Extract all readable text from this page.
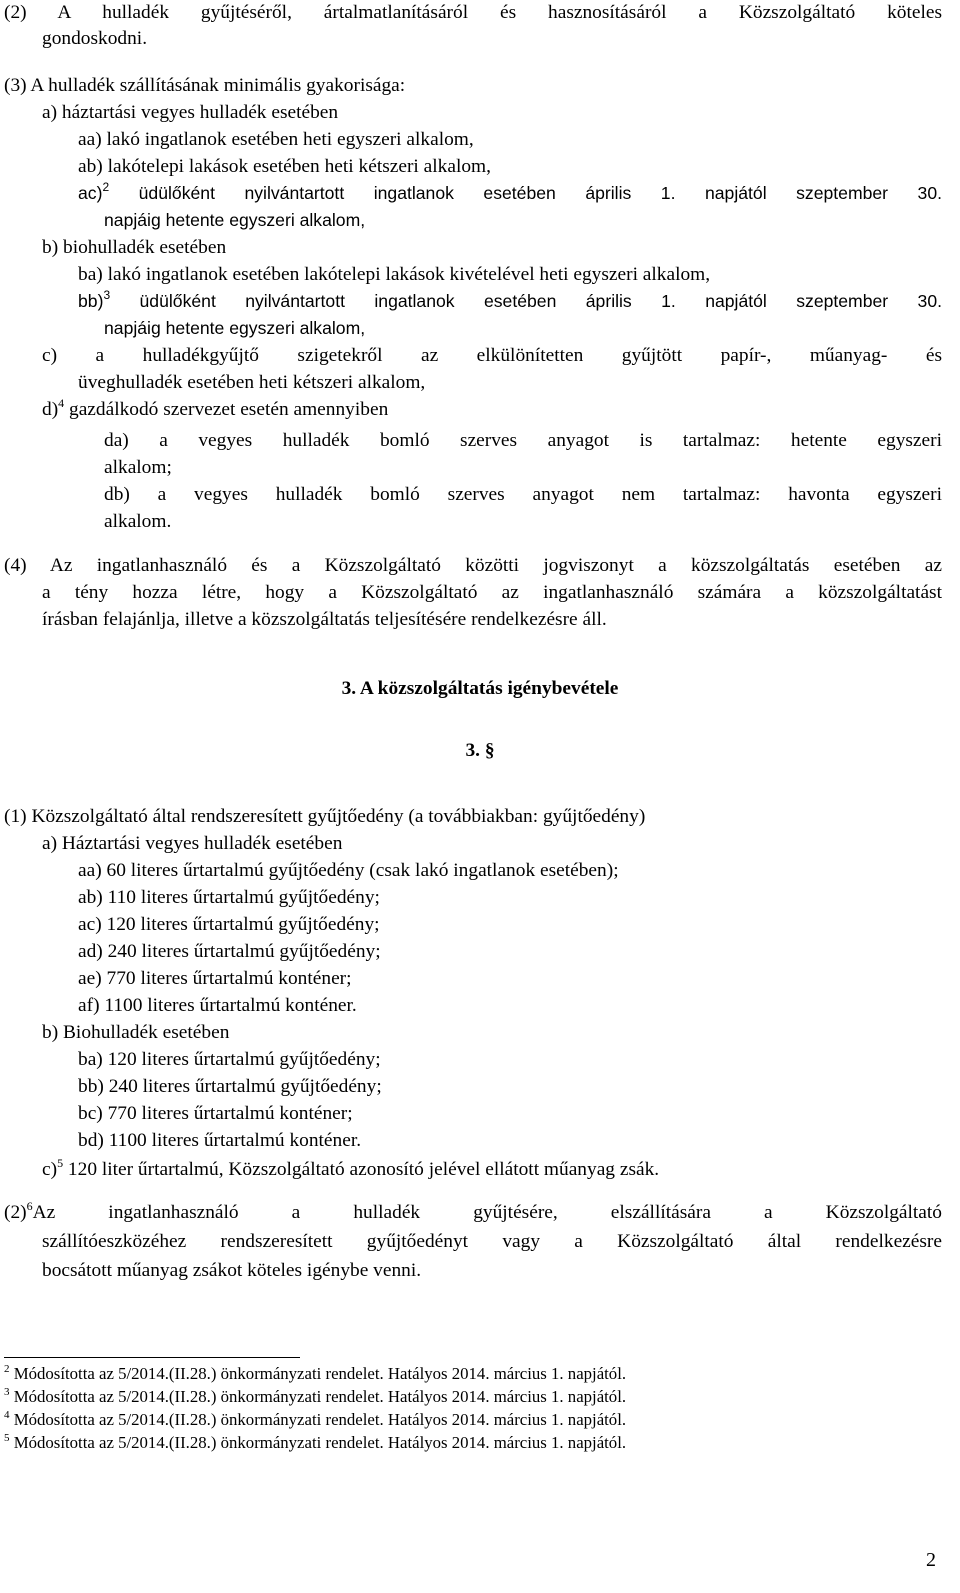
(2) A hulladék gyűjtéséről, ártalmatlanításáról és hasznosításáról a Közszolgáltató köteles
gondoskodni.
(3) A hulladék szállításának minimális gyakorisága:
a) háztartási vegyes hulladék esetében
aa) lakó ingatlanok esetében heti egyszeri alkalom,
ab) lakótelepi lakások esetében heti kétszeri alkalom,
ac)$^2$ üdülőként nyilvántartott ingatlanok esetében április 1. napjától szeptember 30.
napjáig hetente egyszeri alkalom,
b) biohulladék esetében
ba) lakó ingatlanok esetében lakótelepi lakások kivételével heti egyszeri alkalom,
bb)$^3$ üdülőként nyilvántartott ingatlanok esetében április 1. napjától szeptember 30.
napjáig hetente egyszeri alkalom,
c) a hulladékgyűjtő szigetekről az elkülönítetten gyűjtött papír-, műanyag- és
üveghulladék esetében heti kétszeri alkalom,
d)$^4$ gazdálkodó szervezet esetén amennyiben
da) a vegyes hulladék bomló szerves anyagot is tartalmaz: hetente egyszeri
alkalom;
db) a vegyes hulladék bomló szerves anyagot nem tartalmaz: havonta egyszeri
alkalom.
(4) Az ingatlanhasználó és a Közszolgáltató közötti jogviszonyt a közszolgáltatás esetében az
a tény hozza létre, hogy a Közszolgáltató az ingatlanhasználó számára a közszolgáltatást
írásban felajánlja, illetve a közszolgáltatás teljesítésére rendelkezésre áll.
3. A közszolgáltatás igénybevétele
3. §
(1) Közszolgáltató által rendszeresített gyűjtőedény (a továbbiakban: gyűjtőedény)
a) Háztartási vegyes hulladék esetében
aa) 60 literes űrtartalmú gyűjtőedény (csak lakó ingatlanok esetében);
ab) 110 literes űrtartalmú gyűjtőedény;
ac) 120 literes űrtartalmú gyűjtőedény;
ad) 240 literes űrtartalmú gyűjtőedény;
ae) 770 literes űrtartalmú konténer;
af) 1100 literes űrtartalmú konténer.
b) Biohulladék esetében
ba) 120 literes űrtartalmú gyűjtőedény;
bb) 240 literes űrtartalmú gyűjtőedény;
bc) 770 literes űrtartalmú konténer;
bd) 1100 literes űrtartalmú konténer.
c)$^5$ 120 liter űrtartalmú, Közszolgáltató azonosító jelével ellátott műanyag zsák.
$(2)^6Az$ ingatlanhasználó a hulladék gyűjtésére, elszállítására a Közszolgáltató
szállítóeszközéhez rendszeresített gyűjtőedényt vagy a Közszolgáltató által rendelkezésre
bocsátott műanyag zsákot köteles igénybe venni.
$^2$ Módosította az 5/2014.(II.28.) önkormányzati rendelet. Hatályos 2014. március 1. napjától.
$^3$ Módosította az 5/2014.(II.28.) önkormányzati rendelet. Hatályos 2014. március 1. napjától.
$^4$ Módosította az 5/2014.(II.28.) önkormányzati rendelet. Hatályos 2014. március 1. napjától.
$^5$ Módosította az 5/2014.(II.28.) önkormányzati rendelet. Hatályos 2014. március 1. napjától.
2
